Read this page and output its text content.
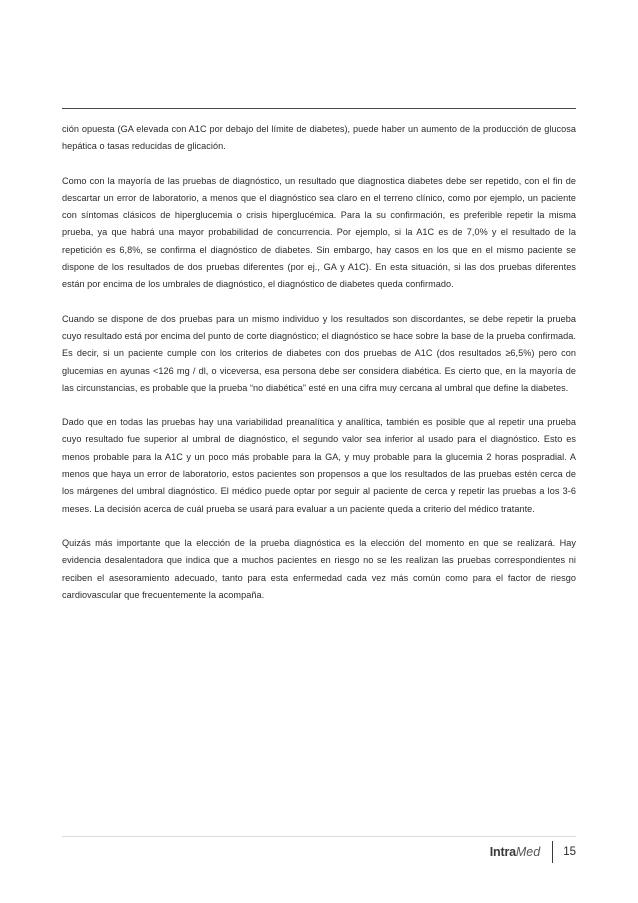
ción opuesta (GA elevada con A1C por debajo del límite de diabetes), puede haber un aumento de la producción de glucosa hepática o tasas reducidas de glicación.

Como con la mayoría de las pruebas de diagnóstico, un resultado que diagnostica diabetes debe ser repetido, con el fin de descartar un error de laboratorio, a menos que el diagnóstico sea claro en el terreno clínico, como por ejemplo, un paciente con síntomas clásicos de hiperglucemia o crisis hiperglucémica. Para la su confirmación, es preferible repetir la misma prueba, ya que habrá una mayor probabilidad de concurrencia. Por ejemplo, si la A1C es de 7,0% y el resultado de la repetición es 6,8%, se confirma el diagnóstico de diabetes. Sin embargo, hay casos en los que en el mismo paciente se dispone de los resultados de dos pruebas diferentes (por ej., GA y A1C). En esta situación, si las dos pruebas diferentes están por encima de los umbrales de diagnóstico, el diagnóstico de diabetes queda confirmado.

Cuando se dispone de dos pruebas para un mismo individuo y los resultados son discordantes, se debe repetir la prueba cuyo resultado está por encima del punto de corte diagnóstico; el diagnóstico se hace sobre la base de la prueba confirmada. Es decir, si un paciente cumple con los criterios de diabetes con dos pruebas de A1C (dos resultados ≥6,5%) pero con glucemias en ayunas <126 mg / dl, o viceversa, esa persona debe ser considera diabética. Es cierto que, en la mayoría de las circunstancias, es probable que la prueba “no diabética” esté en una cifra muy cercana al umbral que define la diabetes.

Dado que en todas las pruebas hay una variabilidad preanalítica y analítica, también es posible que al repetir una prueba cuyo resultado fue superior al umbral de diagnóstico, el segundo valor sea inferior al usado para el diagnóstico. Esto es menos probable para la A1C y un poco más probable para la GA, y muy probable para la glucemia 2 horas pospradial. A menos que haya un error de laboratorio, estos pacientes son propensos a que los resultados de las pruebas estén cerca de los márgenes del umbral diagnóstico. El médico puede optar por seguir al paciente de cerca y repetir las pruebas a los 3-6 meses. La decisión acerca de cuál prueba se usará para evaluar a un paciente queda a criterio del médico tratante.

Quizás más importante que la elección de la prueba diagnóstica es la elección del momento en que se realizará. Hay evidencia desalentadora que indica que a muchos pacientes en riesgo no se les realizan las pruebas correspondientes ni reciben el asesoramiento adecuado, tanto para esta enfermedad cada vez más común como para el factor de riesgo cardiovascular que frecuentemente la acompaña.

Intra Med 15
